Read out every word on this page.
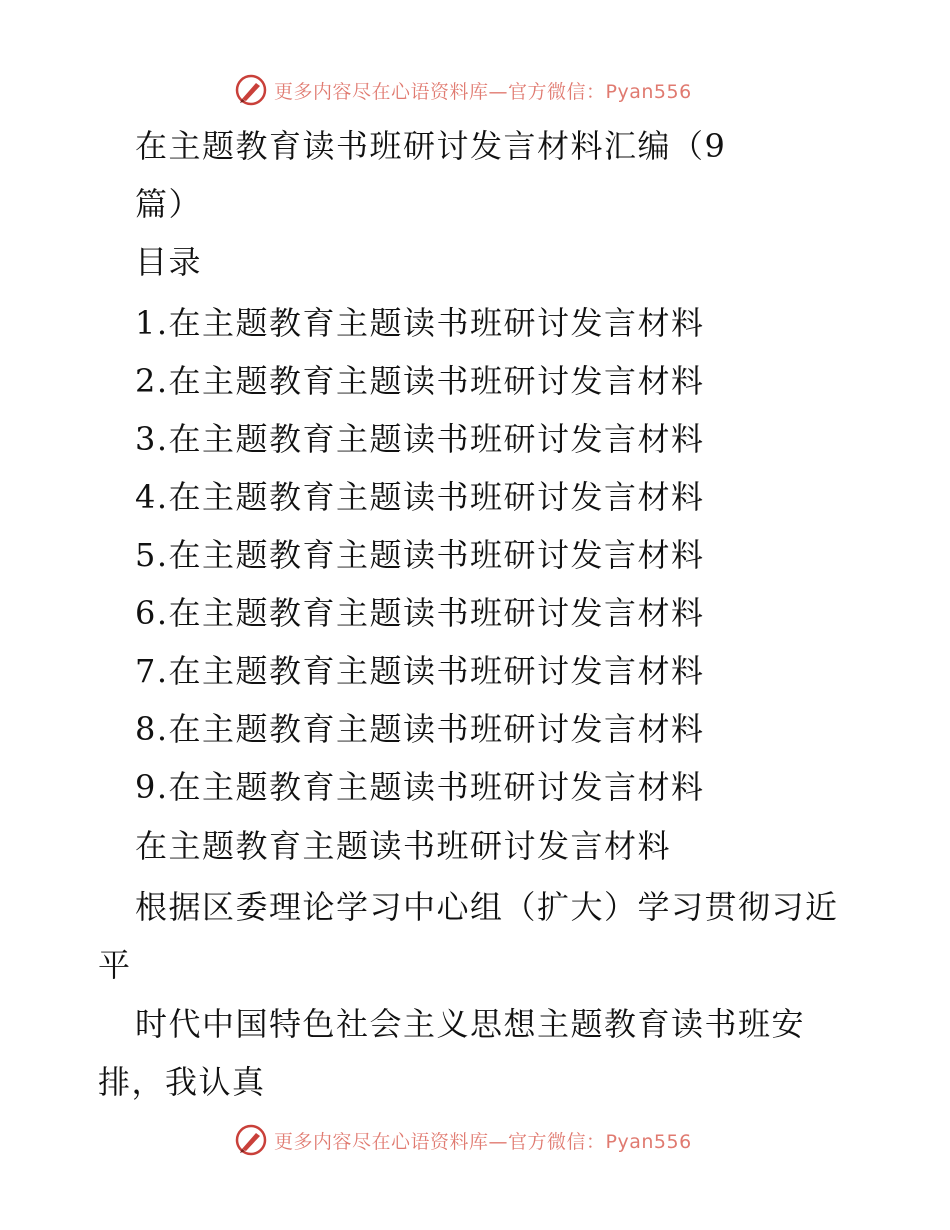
更多内容尽在心语资料库—官方微信：Pyan556
在主题教育读书班研讨发言材料汇编（9
篇）
目录
1.在主题教育主题读书班研讨发言材料
2.在主题教育主题读书班研讨发言材料
3.在主题教育主题读书班研讨发言材料
4.在主题教育主题读书班研讨发言材料
5.在主题教育主题读书班研讨发言材料
6.在主题教育主题读书班研讨发言材料
7.在主题教育主题读书班研讨发言材料
8.在主题教育主题读书班研讨发言材料
9.在主题教育主题读书班研讨发言材料
在主题教育主题读书班研讨发言材料
根据区委理论学习中心组（扩大）学习贯彻习近
平
时代中国特色社会主义思想主题教育读书班安
排，我认真
更多内容尽在心语资料库—官方微信：Pyan556
